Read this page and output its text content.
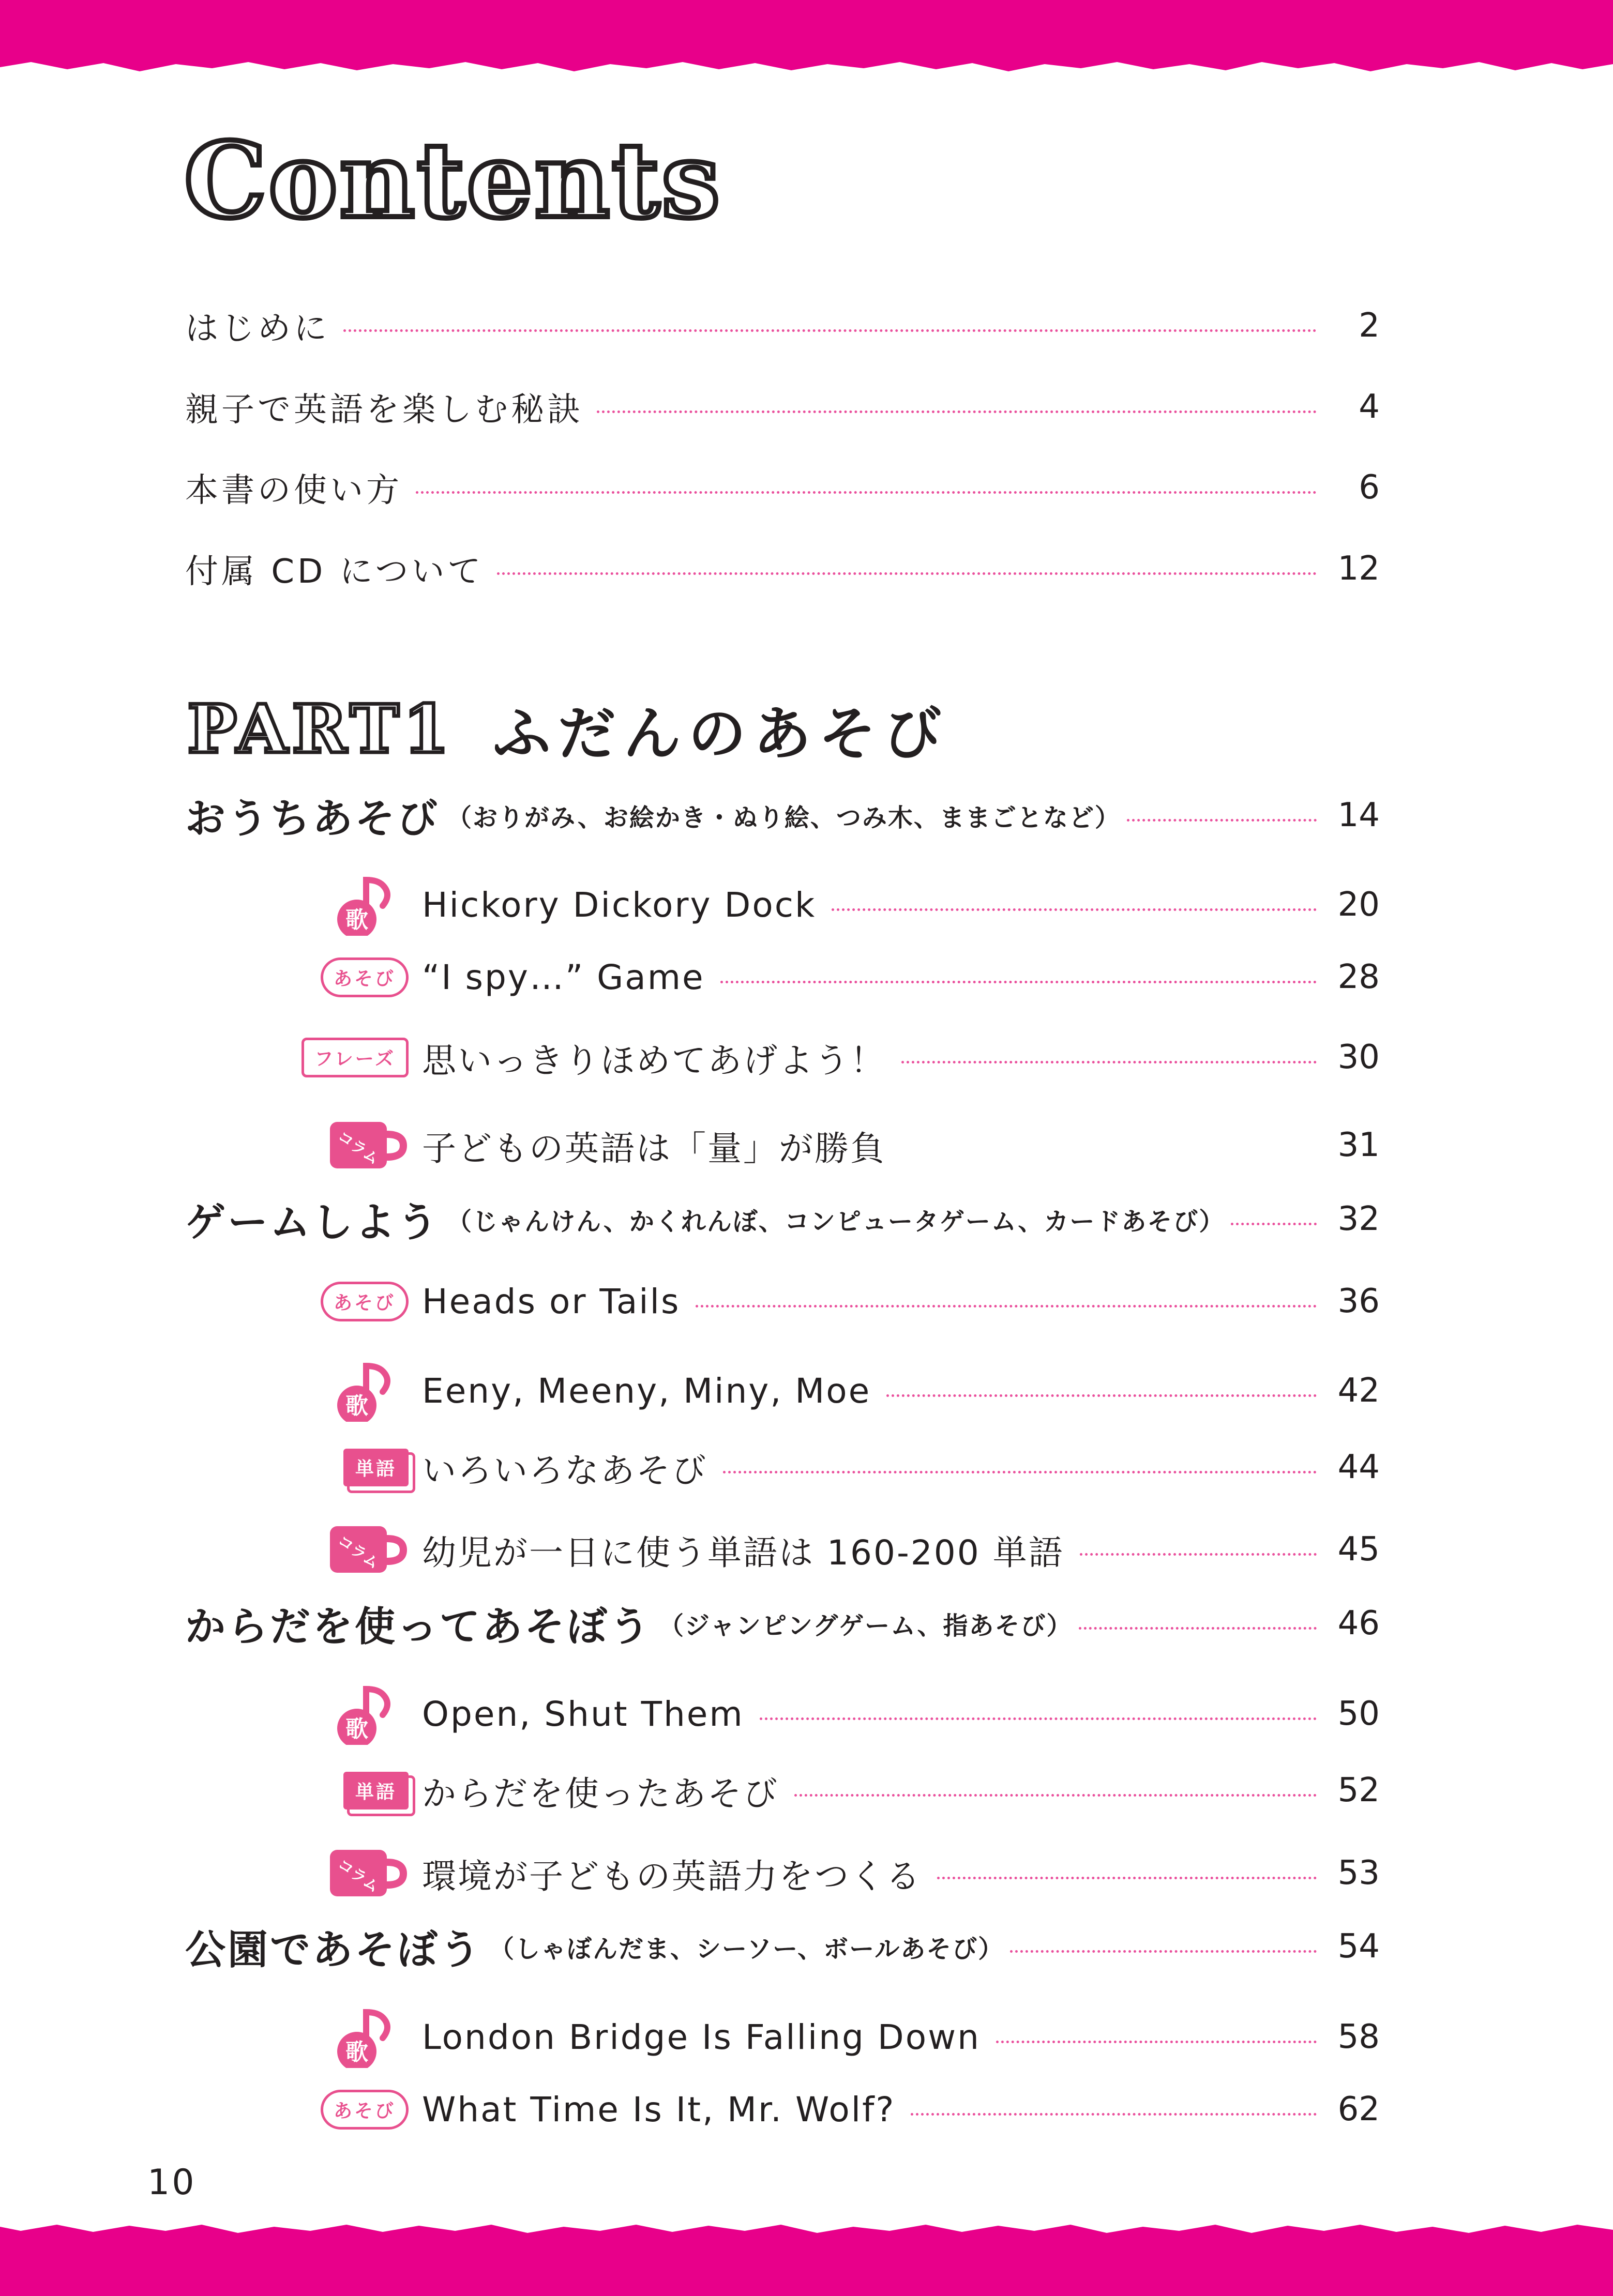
Contents
はじめに	2
親子で英語を楽しむ秘訣	4
本書の使い方	6
付属 CD について	12
PART1 ふだんのあそび
おうちあそび （おりがみ、お絵かき・ぬり絵、つみ木、ままごとなど）	14
歌 Hickory Dickory Dock	20
あそび “I spy…” Game	28
フレーズ 思いっきりほめてあげよう！	30
コラム 子どもの英語は「量」が勝負	31
ゲームしよう （じゃんけん、かくれんぼ、コンピュータゲーム、カードあそび）	32
あそび Heads or Tails	36
歌 Eeny, Meeny, Miny, Moe	42
単語 いろいろなあそび	44
コラム 幼児が一日に使う単語は 160-200 単語	45
からだを使ってあそぼう （ジャンピングゲーム、指あそび）	46
歌 Open, Shut Them	50
単語 からだを使ったあそび	52
コラム 環境が子どもの英語力をつくる	53
公園であそぼう （しゃぼんだま、シーソー、ボールあそび）	54
歌 London Bridge Is Falling Down	58
あそび What Time Is It, Mr. Wolf?	62
10
